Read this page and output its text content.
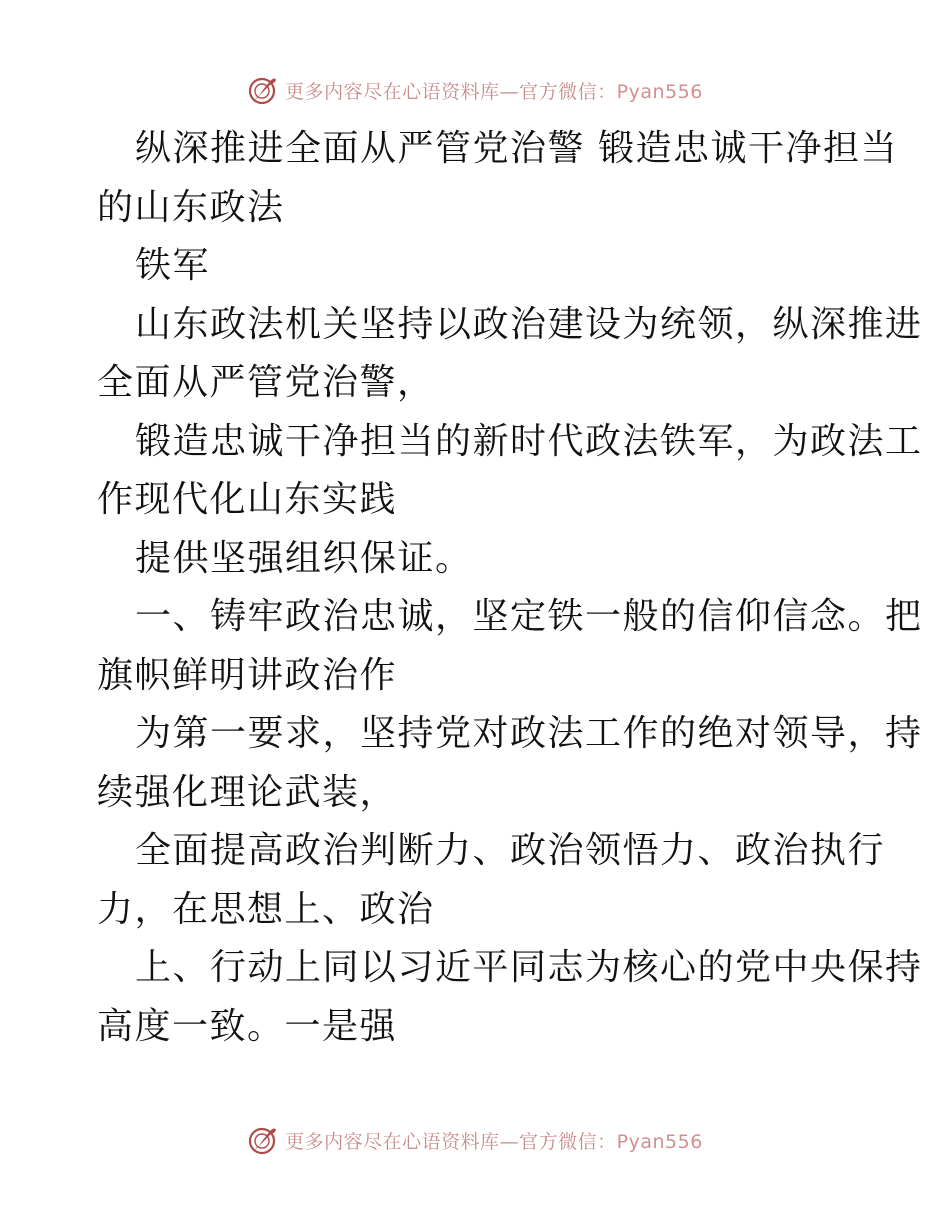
更多内容尽在心语资料库—官方微信：Pyan556
纵深推进全面从严管党治警 锻造忠诚干净担当
的山东政法
铁军
山东政法机关坚持以政治建设为统领，纵深推进
全面从严管党治警，
锻造忠诚干净担当的新时代政法铁军，为政法工
作现代化山东实践
提供坚强组织保证。
一、铸牢政治忠诚，坚定铁一般的信仰信念。把
旗帜鲜明讲政治作
为第一要求，坚持党对政法工作的绝对领导，持
续强化理论武装，
全面提高政治判断力、政治领悟力、政治执行
力，在思想上、政治
上、行动上同以习近平同志为核心的党中央保持
高度一致。一是强
更多内容尽在心语资料库—官方微信：Pyan556
